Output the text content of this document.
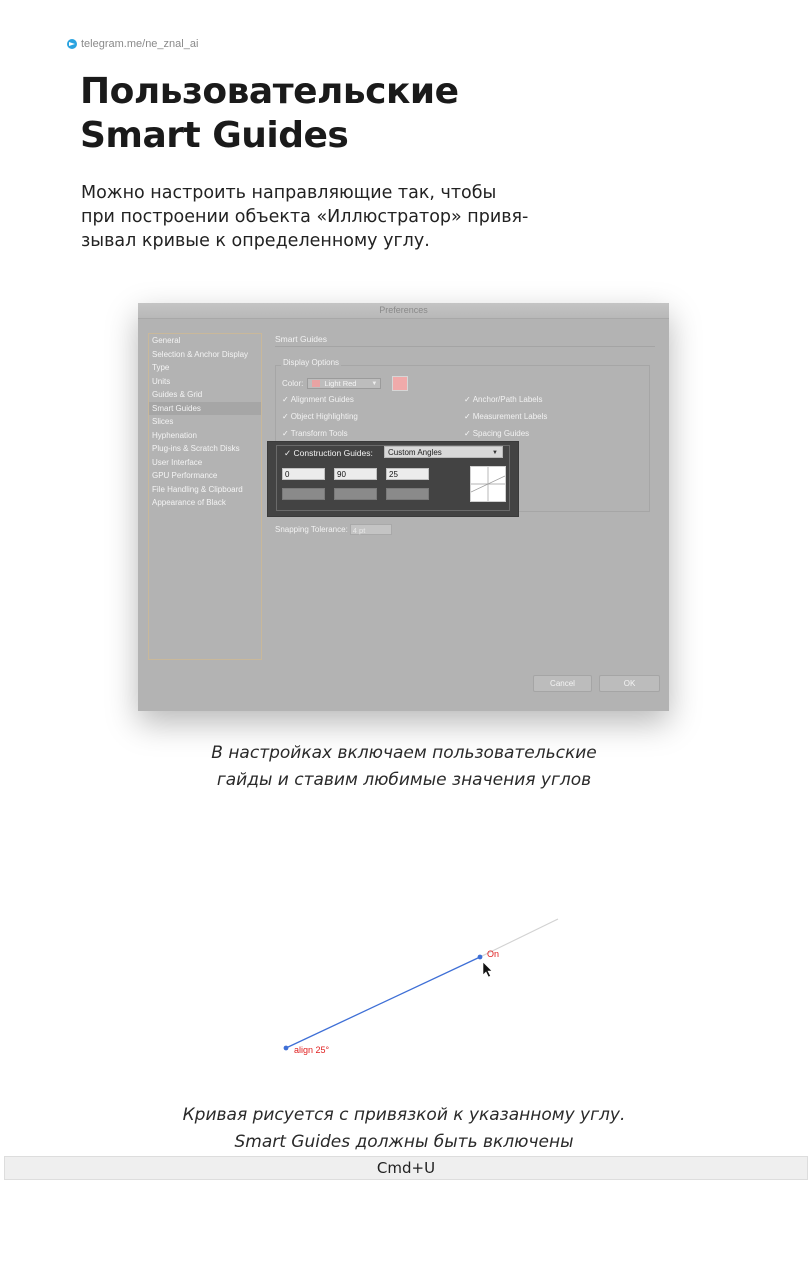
telegram.me/ne_znal_ai
Пользовательские
Smart Guides

Можно настроить направляющие так, чтобы
при построении объекта «Иллюстратор» привя-
зывал кривые к определенному углу.

Preferences
General
Selection & Anchor Display
Type
Units
Guides & Grid
Smart Guides
Slices
Hyphenation
Plug-ins & Scratch Disks
User Interface
GPU Performance
File Handling & Clipboard
Appearance of Black
Smart Guides
Display Options
Color:	Light Red ▼
✓ Alignment Guides
✓ Object Highlighting
✓ Transform Tools
✓ Anchor/Path Labels
✓ Measurement Labels
✓ Spacing Guides
Snapping Tolerance: 4 pt
Cancel	OK
✓ Construction Guides:	Custom Angles	▼
0	90	25

В настройках включаем пользовательские
гайды и ставим любимые значения углов

On
align 25°

Кривая рисуется с привязкой к указанному углу.
Smart Guides должны быть включены
Cmd+U
